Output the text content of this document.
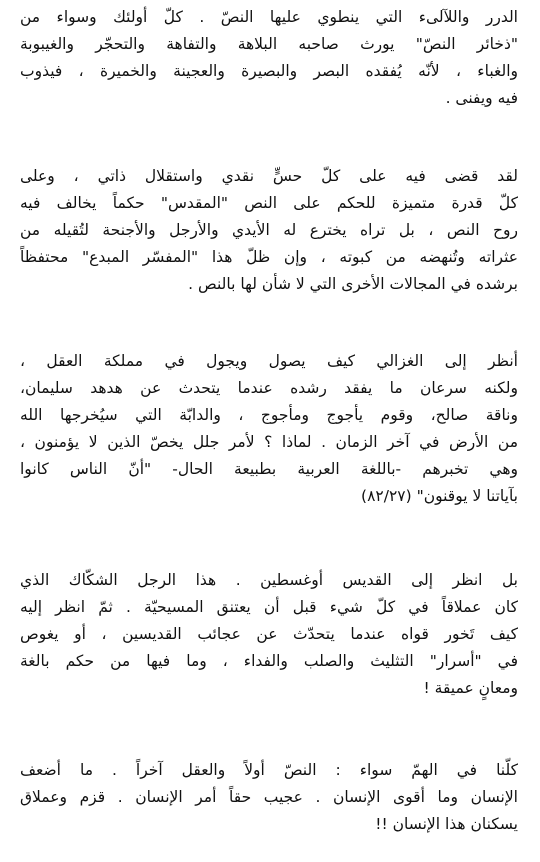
الدرر واللآلىء التي ينطوي عليها النصّ . كلّ أولئك وسواء من
"ذخائر النصّ" يورث صاحبه البلاهة والتفاهة والتحجّر والغيبوبة
والغباء ، لأنّه يُفقده البصر والبصيرة والعجينة والخميرة ، فيذوب
فيه ويفنى .
لقد قضى فيه على كلّ حسٍّ نقدي واستقلال ذاتي ، وعلى
كلّ قدرة متميزة للحكم على النص "المقدس" حكماً يخالف فيه
روح النص ، بل تراه يخترع له الأيدي والأرجل والأجنحة لتُقيله من
عثراته وتُنهضه من كبوته ، وإن ظلّ هذا "المفسّر المبدع" محتفظاً
برشده في المجالات الأخرى التي لا شأن لها بالنص .
أنظر إلى الغزالي كيف يصول ويجول في مملكة العقل ،
ولكنه سرعان ما يفقد رشده عندما يتحدث عن هدهد سليمان،
وناقة صالح، وقوم يأجوج ومأجوج ، والدابّة التي سيُخرجها الله
من الأرض في آخر الزمان . لماذا ؟ لأمر جلل يخصّ الذين لا يؤمنون ،
وهي تخبرهم -باللغة العربية بطبيعة الحال- "أنّ الناس كانوا
بآياتنا لا يوقنون" (٨٢/٢٧)
بل انظر إلى القديس أوغسطين . هذا الرجل الشكّاك الذي
كان عملاقاً في كلّ شيء قبل أن يعتنق المسيحيّة . ثمّ انظر إليه
كيف تَخور قواه عندما يتحدّث عن عجائب القديسين ، أو يغوص
في "أسرار" التثليث والصلب والفداء ، وما فيها من حكم بالغة
ومعانٍ عميقة !
كلّنا في الهمّ سواء : النصّ أولاً والعقل آخراً . ما أضعف
الإنسان وما أقوى الإنسان . عجيب حقاً أمر الإنسان . قزم وعملاق
يسكنان هذا الإنسان !!
